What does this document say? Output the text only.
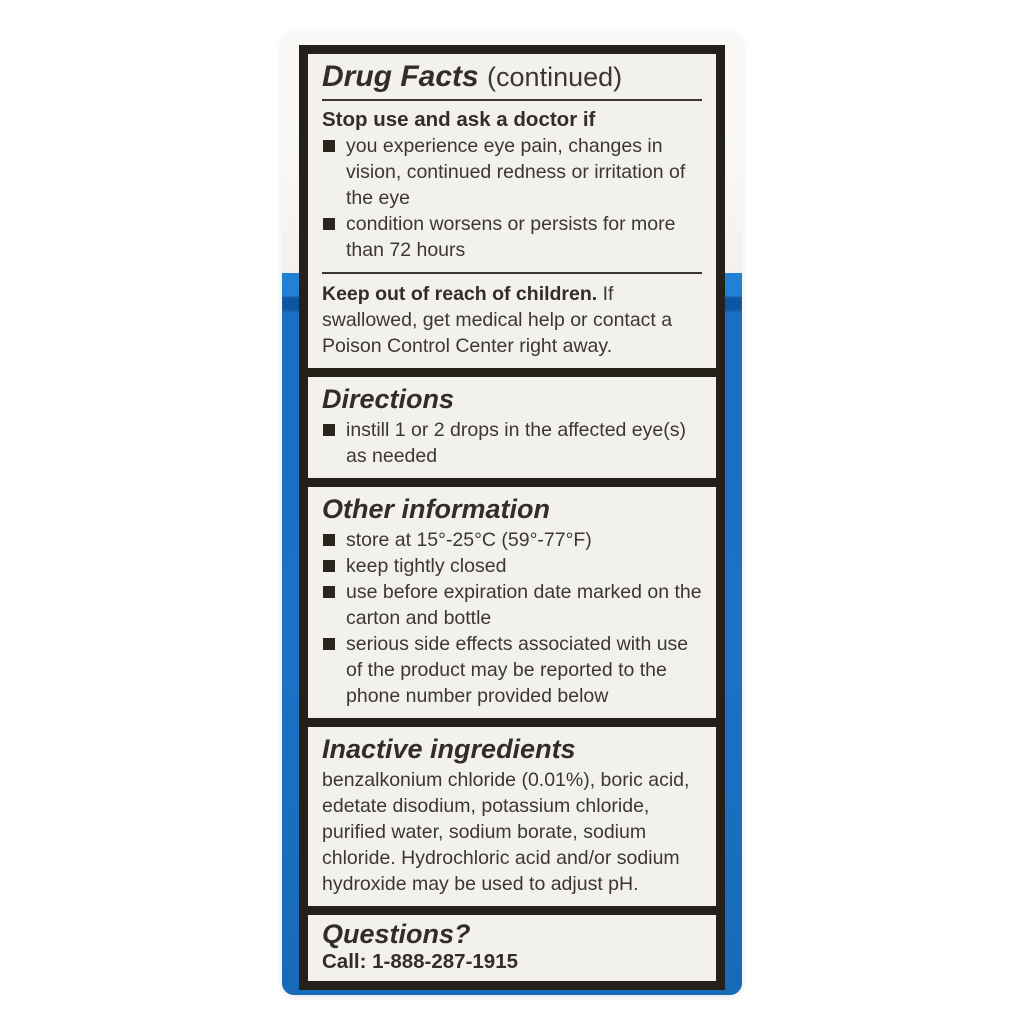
Drug Facts (continued)
Stop use and ask a doctor if
you experience eye pain, changes in vision, continued redness or irritation of the eye
condition worsens or persists for more than 72 hours

Keep out of reach of children. If swallowed, get medical help or contact a Poison Control Center right away.

Directions
instill 1 or 2 drops in the affected eye(s) as needed
Other information
store at 15°-25°C (59°-77°F)
keep tightly closed
use before expiration date marked on the carton and bottle
serious side effects associated with use of the product may be reported to the phone number provided below
Inactive ingredients

benzalkonium chloride (0.01%), boric acid, edetate disodium, potassium chloride, purified water, sodium borate, sodium chloride. Hydrochloric acid and/or sodium hydroxide may be used to adjust pH.

Questions?

Call: 1-888-287-1915
